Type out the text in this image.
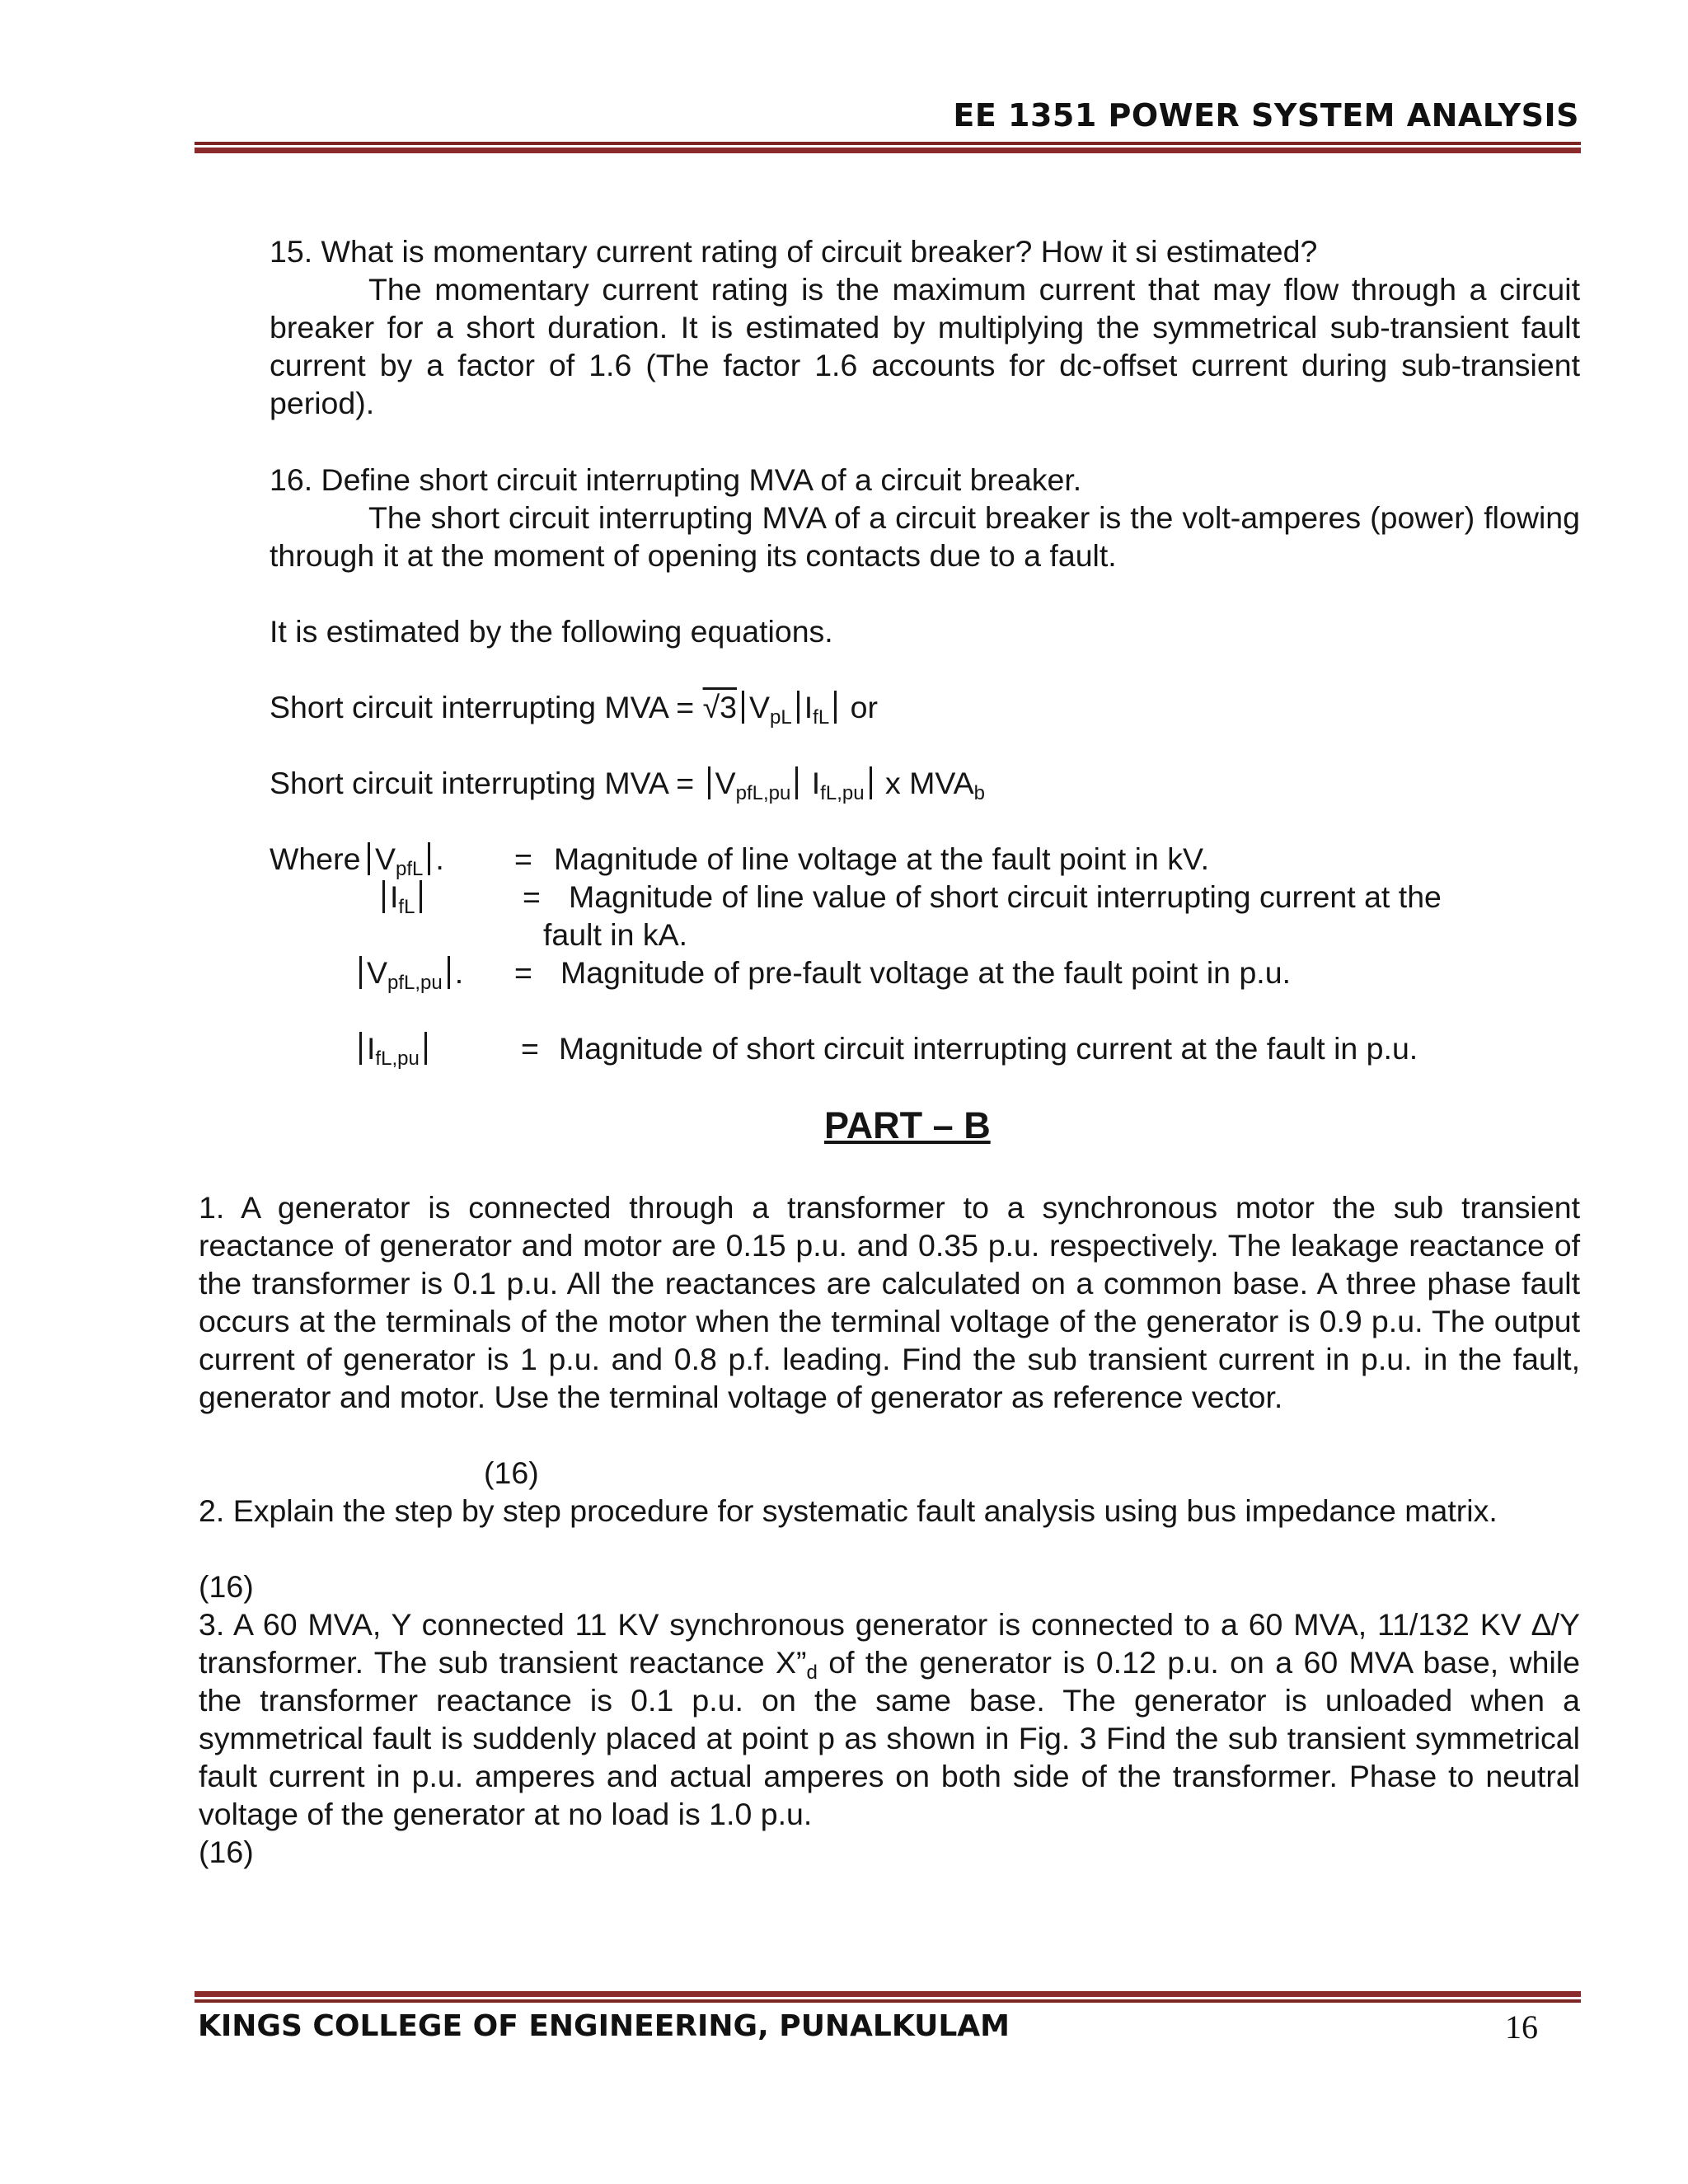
EE 1351 POWER SYSTEM ANALYSIS
15. What is momentary current rating of circuit breaker? How it si estimated?
The momentary current rating is the maximum current that may flow through a circuit breaker for a short duration. It is estimated by multiplying the symmetrical sub-transient fault current by a factor of 1.6 (The factor 1.6 accounts for dc-offset current during sub-transient period).
16. Define short circuit interrupting MVA of a circuit breaker.
The short circuit interrupting MVA of a circuit breaker is the volt-amperes (power) flowing through it at the moment of opening its contacts due to a fault.
It is estimated by the following equations.
Short circuit interrupting MVA = √3 $V_{pL}$ $I_{fL}$ or
Short circuit interrupting MVA = $V_{pfL,pu}$ $I_{fL,pu}$ x $MVA_b$
Where $V_{pfL}$ . = Magnitude of line voltage at the fault point in kV.
$I_{fL}$	= Magnitude of line value of short circuit interrupting current at the
fault in kA.
$V_{pfL,pu}$ . = Magnitude of pre-fault voltage at the fault point in p.u.
$I_{fL,pu}$	= Magnitude of short circuit interrupting current at the fault in p.u.
PART – B
1. A generator is connected through a transformer to a synchronous motor the sub transient reactance of generator and motor are 0.15 p.u. and 0.35 p.u. respectively. The leakage reactance of the transformer is 0.1 p.u. All the reactances are calculated on a common base. A three phase fault occurs at the terminals of the motor when the terminal voltage of the generator is 0.9 p.u. The output current of generator is 1 p.u. and 0.8 p.f. leading. Find the sub transient current in p.u. in the fault, generator and motor. Use the terminal voltage of generator as reference vector.
(16)
2. Explain the step by step procedure for systematic fault analysis using bus impedance matrix.
(16)
3. A 60 MVA, Y connected 11 KV synchronous generator is connected to a 60 MVA, 11/132 KV ∆/Y transformer. The sub transient reactance $X”_d$ of the generator is 0.12 p.u. on a 60 MVA base, while the transformer reactance is 0.1 p.u. on the same base. The generator is unloaded when a symmetrical fault is suddenly placed at point p as shown in Fig. 3 Find the sub transient symmetrical fault current in p.u. amperes and actual amperes on both side of the transformer. Phase to neutral voltage of the generator at no load is 1.0 p.u.
(16)
KINGS COLLEGE OF ENGINEERING, PUNALKULAM	16
